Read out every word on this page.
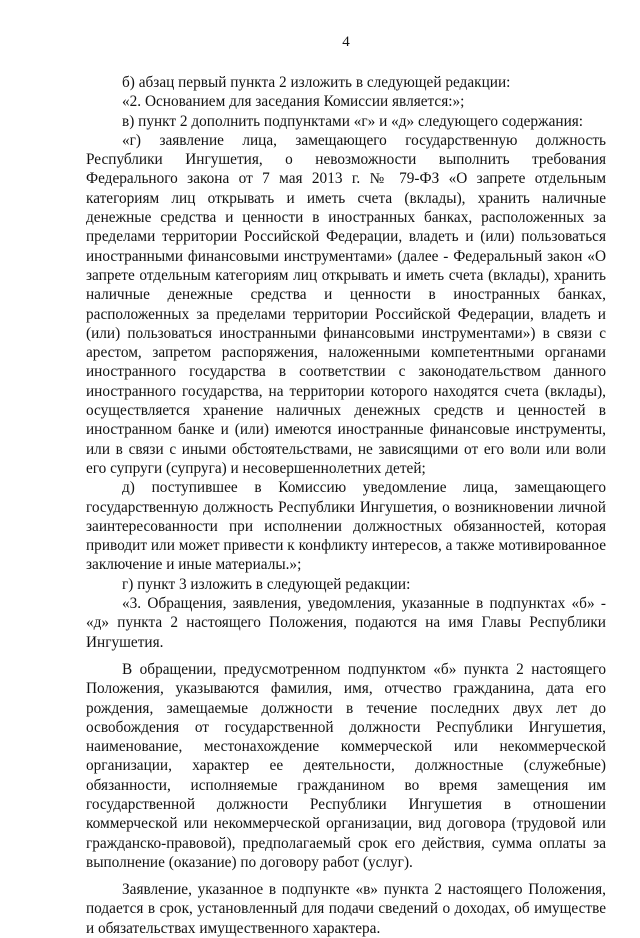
4

б) абзац первый пункта 2 изложить в следующей редакции:

«2. Основанием для заседания Комиссии является:»;

в) пункт 2 дополнить подпунктами «г» и «д» следующего содержания:

«г) заявление лица, замещающего государственную должность Республики Ингушетия, о невозможности выполнить требования Федерального закона от 7 мая 2013 г. № 79-ФЗ «О запрете отдельным категориям лиц открывать и иметь счета (вклады), хранить наличные денежные средства и ценности в иностранных банках, расположенных за пределами территории Российской Федерации, владеть и (или) пользоваться иностранными финансовыми инструментами» (далее - Федеральный закон «О запрете отдельным категориям лиц открывать и иметь счета (вклады), хранить наличные денежные средства и ценности в иностранных банках, расположенных за пределами территории Российской Федерации, владеть и (или) пользоваться иностранными финансовыми инструментами») в связи с арестом, запретом распоряжения, наложенными компетентными органами иностранного государства в соответствии с законодательством данного иностранного государства, на территории которого находятся счета (вклады), осуществляется хранение наличных денежных средств и ценностей в иностранном банке и (или) имеются иностранные финансовые инструменты, или в связи с иными обстоятельствами, не зависящими от его воли или воли его супруги (супруга) и несовершеннолетних детей;

д) поступившее в Комиссию уведомление лица, замещающего государственную должность Республики Ингушетия, о возникновении личной заинтересованности при исполнении должностных обязанностей, которая приводит или может привести к конфликту интересов, а также мотивированное заключение и иные материалы.»;

г) пункт 3 изложить в следующей редакции:

«3. Обращения, заявления, уведомления, указанные в подпунктах «б» - «д» пункта 2 настоящего Положения, подаются на имя Главы Республики Ингушетия.

В обращении, предусмотренном подпунктом «б» пункта 2 настоящего Положения, указываются фамилия, имя, отчество гражданина, дата его рождения, замещаемые должности в течение последних двух лет до освобождения от государственной должности Республики Ингушетия, наименование, местонахождение коммерческой или некоммерческой организации, характер ее деятельности, должностные (служебные) обязанности, исполняемые гражданином во время замещения им государственной должности Республики Ингушетия в отношении коммерческой или некоммерческой организации, вид договора (трудовой или гражданско-правовой), предполагаемый срок его действия, сумма оплаты за выполнение (оказание) по договору работ (услуг).

Заявление, указанное в подпункте «в» пункта 2 настоящего Положения, подается в срок, установленный для подачи сведений о доходах, об имуществе и обязательствах имущественного характера.
